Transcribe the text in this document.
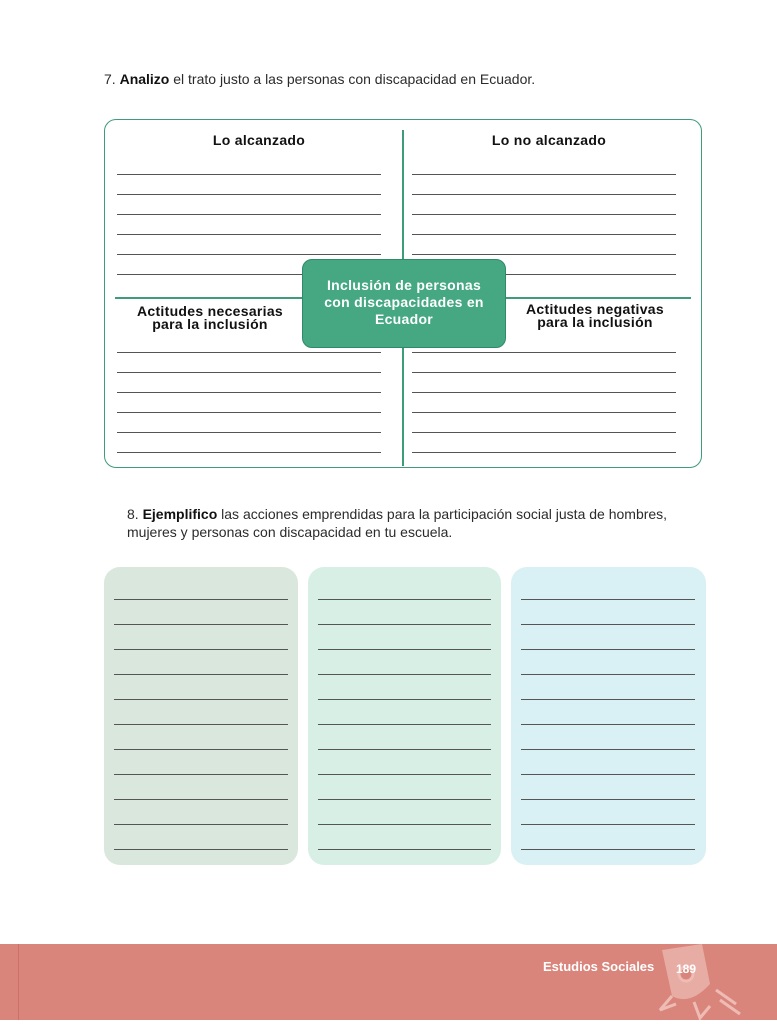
7. Analizo el trato justo a las personas con discapacidad en Ecuador.
Lo alcanzado	Lo no alcanzado
Actitudes necesarias
para la inclusión
Actitudes negativas
para la inclusión
Inclusión de personas
con discapacidades en
Ecuador
8. Ejemplifico las acciones emprendidas para la participación social justa de hombres, mujeres y personas con discapacidad en tu escuela.
Estudios Sociales 189
